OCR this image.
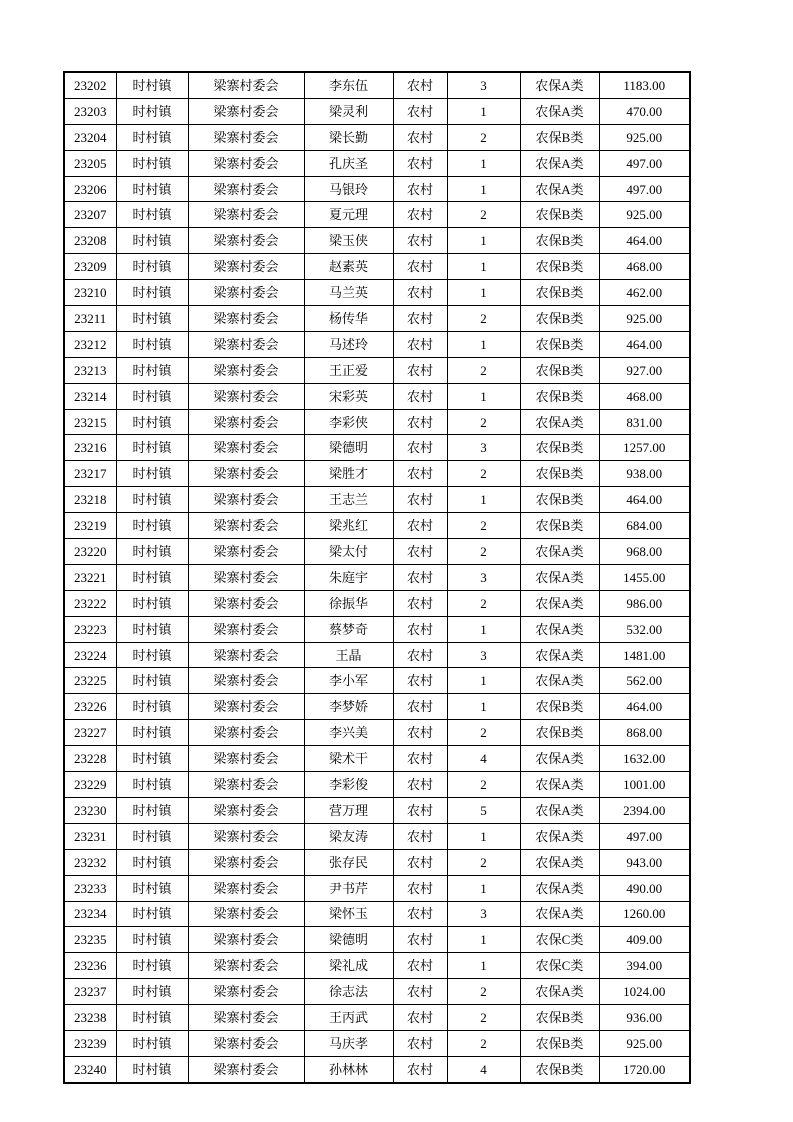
23202	时村镇	梁寨村委会	李东伍	农村	3	农保A类	1183.00
23203	时村镇	梁寨村委会	梁灵利	农村	1	农保A类	470.00
23204	时村镇	梁寨村委会	梁长勤	农村	2	农保B类	925.00
23205	时村镇	梁寨村委会	孔庆圣	农村	1	农保A类	497.00
23206	时村镇	梁寨村委会	马银玲	农村	1	农保A类	497.00
23207	时村镇	梁寨村委会	夏元理	农村	2	农保B类	925.00
23208	时村镇	梁寨村委会	梁玉侠	农村	1	农保B类	464.00
23209	时村镇	梁寨村委会	赵素英	农村	1	农保B类	468.00
23210	时村镇	梁寨村委会	马兰英	农村	1	农保B类	462.00
23211	时村镇	梁寨村委会	杨传华	农村	2	农保B类	925.00
23212	时村镇	梁寨村委会	马述玲	农村	1	农保B类	464.00
23213	时村镇	梁寨村委会	王正爱	农村	2	农保B类	927.00
23214	时村镇	梁寨村委会	宋彩英	农村	1	农保B类	468.00
23215	时村镇	梁寨村委会	李彩侠	农村	2	农保A类	831.00
23216	时村镇	梁寨村委会	梁德明	农村	3	农保B类	1257.00
23217	时村镇	梁寨村委会	梁胜才	农村	2	农保B类	938.00
23218	时村镇	梁寨村委会	王志兰	农村	1	农保B类	464.00
23219	时村镇	梁寨村委会	梁兆红	农村	2	农保B类	684.00
23220	时村镇	梁寨村委会	梁太付	农村	2	农保A类	968.00
23221	时村镇	梁寨村委会	朱庭宇	农村	3	农保A类	1455.00
23222	时村镇	梁寨村委会	徐振华	农村	2	农保A类	986.00
23223	时村镇	梁寨村委会	蔡梦奇	农村	1	农保A类	532.00
23224	时村镇	梁寨村委会	王晶	农村	3	农保A类	1481.00
23225	时村镇	梁寨村委会	李小军	农村	1	农保A类	562.00
23226	时村镇	梁寨村委会	李梦娇	农村	1	农保B类	464.00
23227	时村镇	梁寨村委会	李兴美	农村	2	农保B类	868.00
23228	时村镇	梁寨村委会	梁术干	农村	4	农保A类	1632.00
23229	时村镇	梁寨村委会	李彩俊	农村	2	农保A类	1001.00
23230	时村镇	梁寨村委会	营万理	农村	5	农保A类	2394.00
23231	时村镇	梁寨村委会	梁友涛	农村	1	农保A类	497.00
23232	时村镇	梁寨村委会	张存民	农村	2	农保A类	943.00
23233	时村镇	梁寨村委会	尹书芹	农村	1	农保A类	490.00
23234	时村镇	梁寨村委会	梁怀玉	农村	3	农保A类	1260.00
23235	时村镇	梁寨村委会	梁德明	农村	1	农保C类	409.00
23236	时村镇	梁寨村委会	梁礼成	农村	1	农保C类	394.00
23237	时村镇	梁寨村委会	徐志法	农村	2	农保A类	1024.00
23238	时村镇	梁寨村委会	王丙武	农村	2	农保B类	936.00
23239	时村镇	梁寨村委会	马庆孝	农村	2	农保B类	925.00
23240	时村镇	梁寨村委会	孙林林	农村	4	农保B类	1720.00
